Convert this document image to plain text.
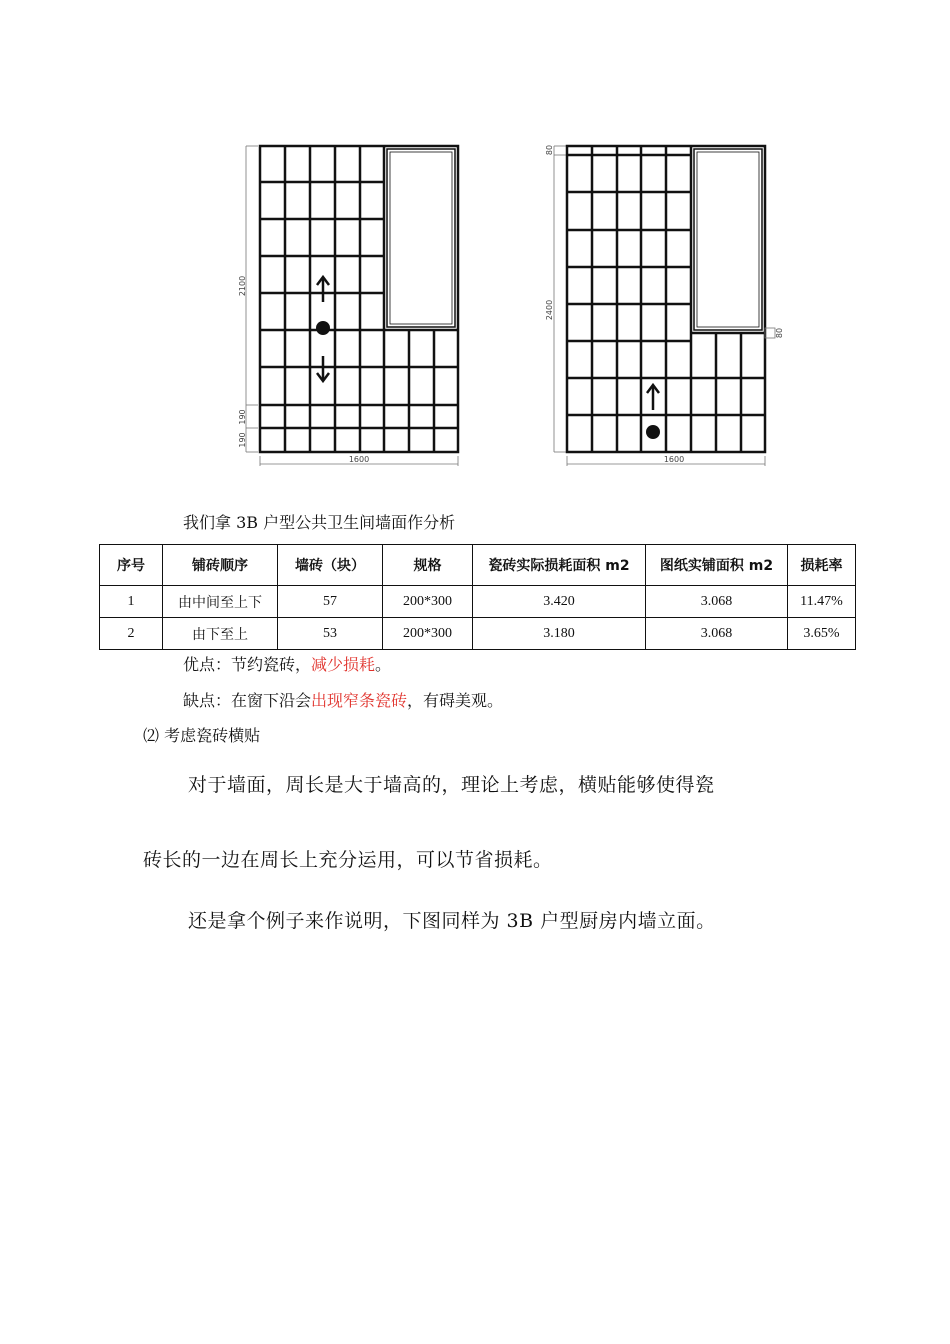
2100
190
190
1600
80
2400
80
1600
我们拿 3B 户型公共卫生间墙面作分析
序号	铺砖顺序	墙砖（块）	规格	瓷砖实际损耗面积 m2	图纸实铺面积 m2	损耗率
1	由中间至上下	57	200*300	3.420	3.068	11.47%
2	由下至上	53	200*300	3.180	3.068	3.65%
优点：节约瓷砖，减少损耗。
缺点：在窗下沿会出现窄条瓷砖，有碍美观。
⑵ 考虑瓷砖横贴
对于墙面，周长是大于墙高的，理论上考虑，横贴能够使得瓷
砖长的一边在周长上充分运用，可以节省损耗。
还是拿个例子来作说明，下图同样为 3B 户型厨房内墙立面。
